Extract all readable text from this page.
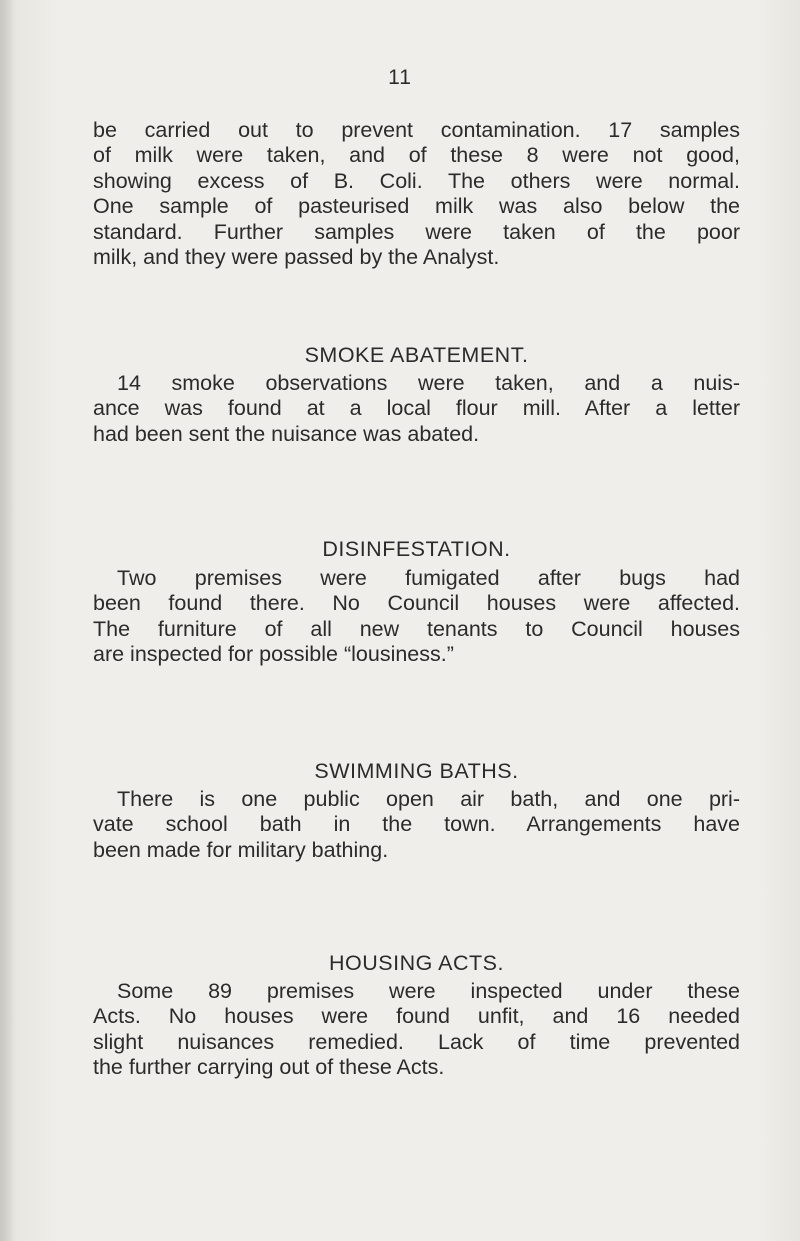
11
be carried out to prevent contamination. 17 samples
of milk were taken, and of these 8 were not good,
showing excess of B. Coli. The others were normal.
One sample of pasteurised milk was also below the
standard. Further samples were taken of the poor
milk, and they were passed by the Analyst.
SMOKE ABATEMENT.
14 smoke observations were taken, and a nuis-
ance was found at a local flour mill. After a letter
had been sent the nuisance was abated.
DISINFESTATION.
Two premises were fumigated after bugs had
been found there. No Council houses were affected.
The furniture of all new tenants to Council houses
are inspected for possible “lousiness.”
SWIMMING BATHS.
There is one public open air bath, and one pri-
vate school bath in the town. Arrangements have
been made for military bathing.
HOUSING ACTS.
Some 89 premises were inspected under these
Acts. No houses were found unfit, and 16 needed
slight nuisances remedied. Lack of time prevented
the further carrying out of these Acts.
